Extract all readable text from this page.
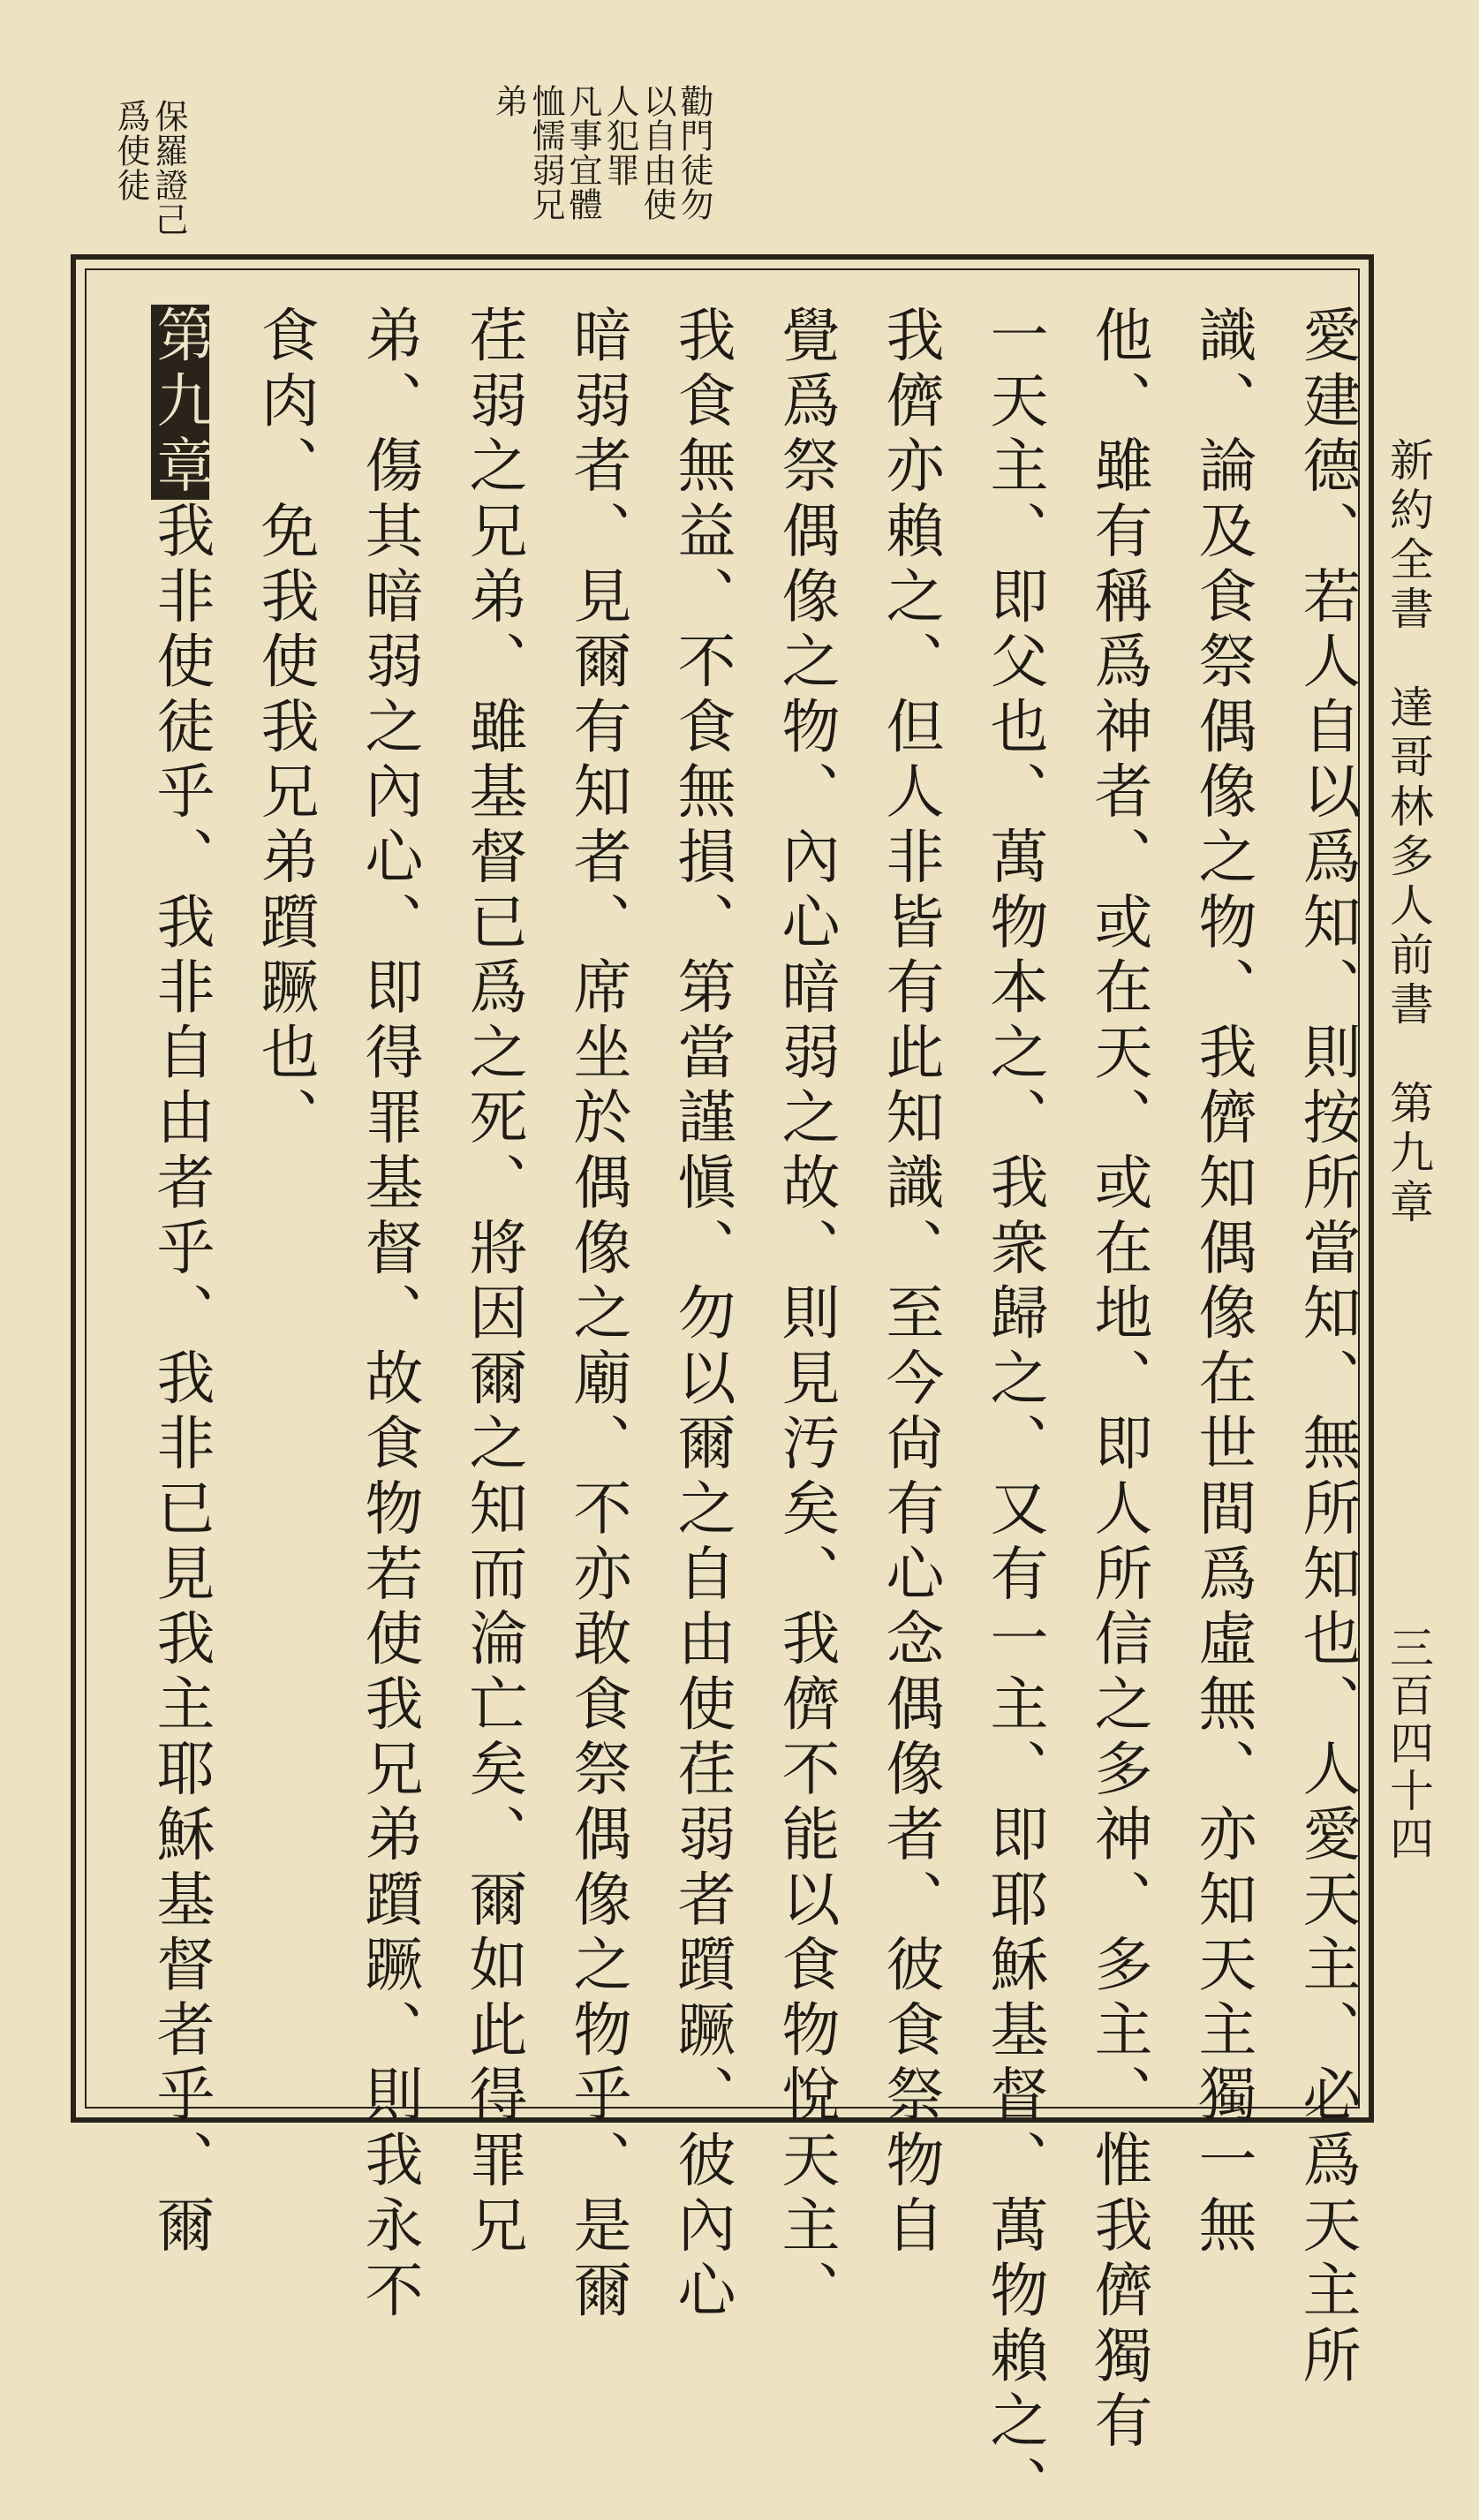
新約全書　達哥林多人前書　第九章
三百四十四
勸門徒勿
以自由使
人犯罪
凡事宜體
恤懦弱兄
弟
保羅證己
爲使徒
愛建德、若人自以爲知、則按所當知、無所知也、人愛天主、必爲天主所
識、論及食祭偶像之物、我儕知偶像在世間爲虛無、亦知天主獨一無
他、雖有稱爲神者、或在天、或在地、即人所信之多神、多主、惟我儕獨有
一天主、即父也、萬物本之、我衆歸之、又有一主、即耶穌基督、萬物賴之、
我儕亦賴之、但人非皆有此知識、至今尙有心念偶像者、彼食祭物自
覺爲祭偶像之物、內心暗弱之故、則見汚矣、我儕不能以食物悅天主、
我食無益、不食無損、第當謹愼、勿以爾之自由使荏弱者躓蹶、彼內心
暗弱者、見爾有知者、席坐於偶像之廟、不亦敢食祭偶像之物乎、是爾
荏弱之兄弟、雖基督已爲之死、將因爾之知而淪亡矣、爾如此得罪兄
弟、傷其暗弱之內心、即得罪基督、故食物若使我兄弟躓蹶、則我永不
食肉、免我使我兄弟躓蹶也、
第九章我非使徒乎、我非自由者乎、我非已見我主耶穌基督者乎、爾
